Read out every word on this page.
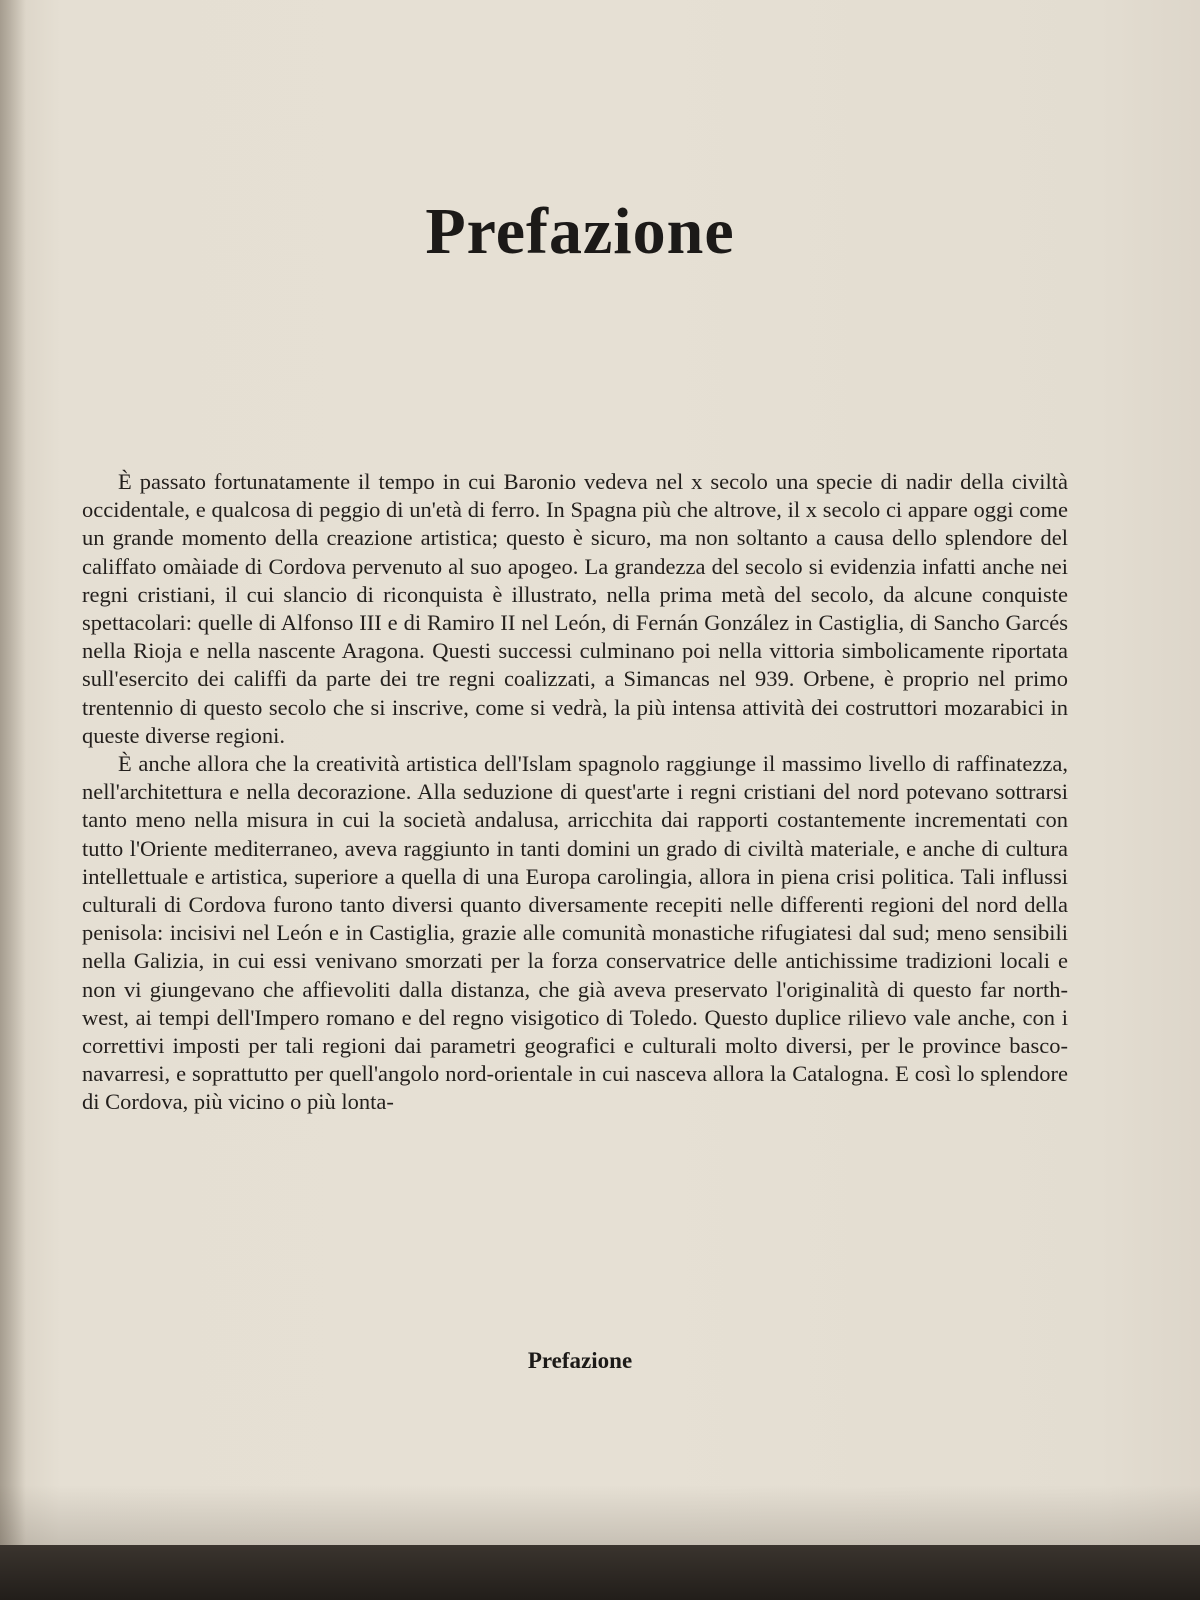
Prefazione

È passato fortunatamente il tempo in cui Baronio vedeva nel x secolo una specie di nadir della civiltà occidentale, e qualcosa di peggio di un'età di ferro. In Spagna più che altrove, il x secolo ci appare oggi come un grande momento della creazione artistica; questo è sicuro, ma non soltanto a causa dello splendore del califfato omàiade di Cordova pervenuto al suo apogeo. La grandezza del secolo si evidenzia infatti anche nei regni cristiani, il cui slancio di riconquista è illustrato, nella prima metà del secolo, da alcune conquiste spettacolari: quelle di Alfonso III e di Ramiro II nel León, di Fernán González in Castiglia, di Sancho Garcés nella Rioja e nella nascente Aragona. Questi successi culminano poi nella vittoria simbolicamente riportata sull'esercito dei califfi da parte dei tre regni coalizzati, a Simancas nel 939. Orbene, è proprio nel primo trentennio di questo secolo che si inscrive, come si vedrà, la più intensa attività dei costruttori mozarabici in queste diverse regioni.

È anche allora che la creatività artistica dell'Islam spagnolo raggiunge il massimo livello di raffinatezza, nell'architettura e nella decorazione. Alla seduzione di quest'arte i regni cristiani del nord potevano sottrarsi tanto meno nella misura in cui la società andalusa, arricchita dai rapporti costantemente incrementati con tutto l'Oriente mediterraneo, aveva raggiunto in tanti domini un grado di civiltà materiale, e anche di cultura intellettuale e artistica, superiore a quella di una Europa carolingia, allora in piena crisi politica. Tali influssi culturali di Cordova furono tanto diversi quanto diversamente recepiti nelle differenti regioni del nord della penisola: incisivi nel León e in Castiglia, grazie alle comunità monastiche rifugiatesi dal sud; meno sensibili nella Galizia, in cui essi venivano smorzati per la forza conservatrice delle antichissime tradizioni locali e non vi giungevano che affievoliti dalla distanza, che già aveva preservato l'originalità di questo far north-west, ai tempi dell'Impero romano e del regno visigotico di Toledo. Questo duplice rilievo vale anche, con i correttivi imposti per tali regioni dai parametri geografici e culturali molto diversi, per le province basco-navarresi, e soprattutto per quell'angolo nord-orientale in cui nasceva allora la Catalogna. E così lo splendore di Cordova, più vicino o più lonta-

Prefazione
